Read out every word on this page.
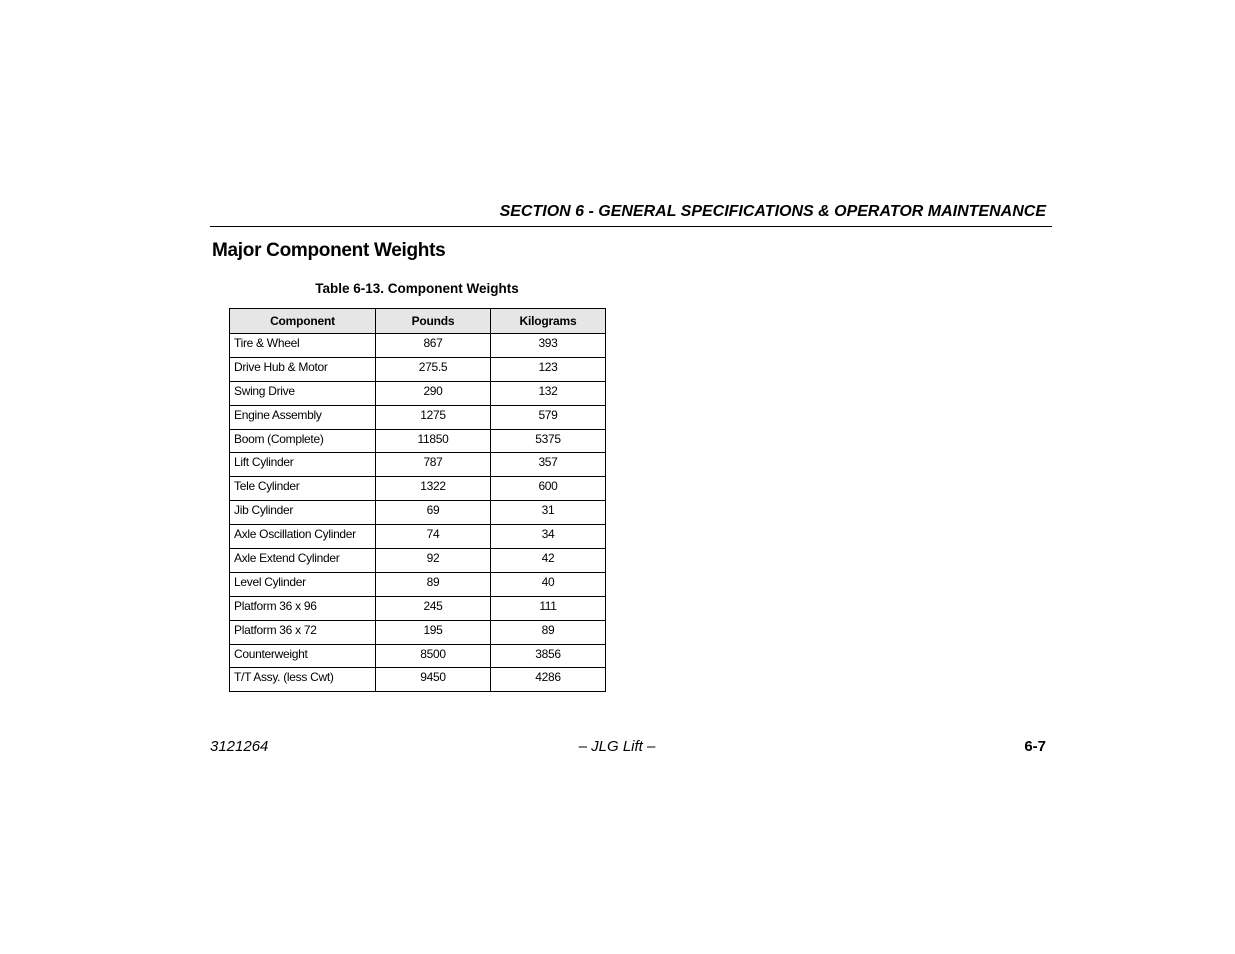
SECTION 6 - GENERAL SPECIFICATIONS & OPERATOR MAINTENANCE
Major Component Weights
Table 6-13. Component Weights
Component	Pounds	Kilograms
Tire & Wheel	867	393
Drive Hub & Motor	275.5	123
Swing Drive	290	132
Engine Assembly	1275	579
Boom (Complete)	11850	5375
Lift Cylinder	787	357
Tele Cylinder	1322	600
Jib Cylinder	69	31
Axle Oscillation Cylinder	74	34
Axle Extend Cylinder	92	42
Level Cylinder	89	40
Platform 36 x 96	245	111
Platform 36 x 72	195	89
Counterweight	8500	3856
T/T Assy. (less Cwt)	9450	4286
3121264	– JLG Lift –	6-7
